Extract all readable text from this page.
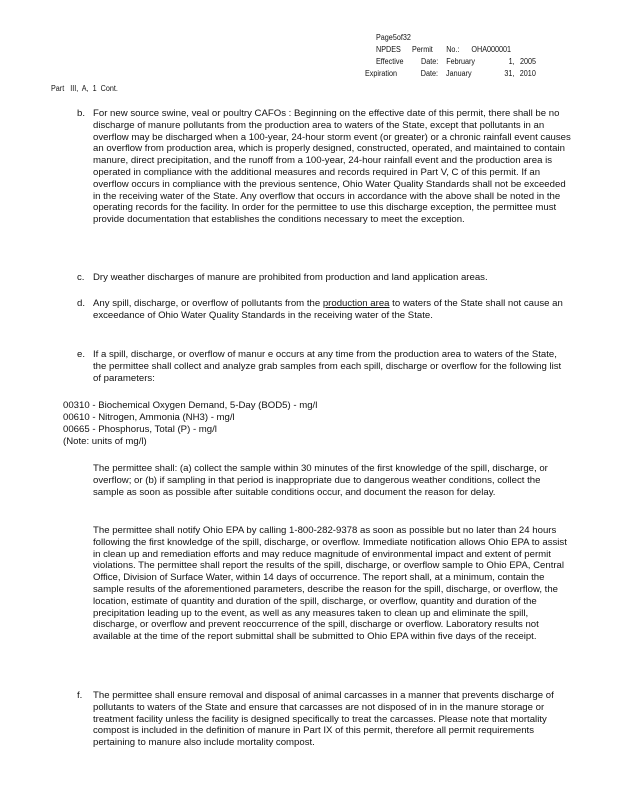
Page5of32
NPDES Permit No.: OHA000001
Effective Date: February	1, 2005
Expiration	Date: January	31, 2010
Part   III,  A,  1  Cont.
b. For new source swine, veal or poultry CAFOs : Beginning on the effective date of this permit, there shall be no discharge of manure pollutants from the production area to waters of the State, except that pollutants in an overflow may be discharged when a 100-year, 24-hour storm event (or greater) or a chronic rainfall event causes an overflow from production area, which is properly designed, constructed, operated, and maintained to contain manure, direct precipitation, and the runoff from a 100-year, 24-hour rainfall event and the production area is operated in compliance with the additional measures and records required in Part V, C of this permit. If an overflow occurs in compliance with the previous sentence, Ohio Water Quality Standards shall not be exceeded in the receiving water of the State. Any overflow that occurs in accordance with the above shall be noted in the operating records for the facility. In order for the permittee to use this discharge exception, the permittee must provide documentation that establishes the conditions necessary to meet the exception.
c. Dry weather discharges of manure are prohibited from production and land application areas.
d. Any spill, discharge, or overflow of pollutants from the production area to waters of the State shall not cause an exceedance of Ohio Water Quality Standards in the receiving water of the State.
e. If a spill, discharge, or overflow of manur e occurs at any time from the production area to waters of the State, the permittee shall collect and analyze grab samples from each spill, discharge or overflow for the following list of parameters:
00310 - Biochemical Oxygen Demand, 5-Day (BOD5) - mg/l
00610 - Nitrogen, Ammonia (NH3) - mg/l
00665 - Phosphorus, Total (P) - mg/l
(Note: units of mg/l)
The permittee shall: (a) collect the sample within 30 minutes of the first knowledge of the spill, discharge, or overflow; or (b) if sampling in that period is inappropriate due to dangerous weather conditions, collect the sample as soon as possible after suitable conditions occur, and document the reason for delay.
The permittee shall notify Ohio EPA by calling 1-800-282-9378 as soon as possible but no later than 24 hours following the first knowledge of the spill, discharge, or overflow. Immediate notification allows Ohio EPA to assist in clean up and remediation efforts and may reduce magnitude of environmental impact and extent of permit violations. The permittee shall report the results of the spill, discharge, or overflow sample to Ohio EPA, Central Office, Division of Surface Water, within 14 days of occurrence. The report shall, at a minimum, contain the sample results of the aforementioned parameters, describe the reason for the spill, discharge, or overflow, the location, estimate of quantity and duration of the spill, discharge, or overflow, quantity and duration of the precipitation leading up to the event, as well as any measures taken to clean up and eliminate the spill, discharge, or overflow and prevent reoccurrence of the spill, discharge or overflow. Laboratory results not available at the time of the report submittal shall be submitted to Ohio EPA within five days of the receipt.
f. The permittee shall ensure removal and disposal of animal carcasses in a manner that prevents discharge of pollutants to waters of the State and ensure that carcasses are not disposed of in in the manure storage or treatment facility unless the facility is designed specifically to treat the carcasses. Please note that mortality compost is included in the definition of manure in Part IX of this permit, therefore all permit requirements pertaining to manure also include mortality compost.
